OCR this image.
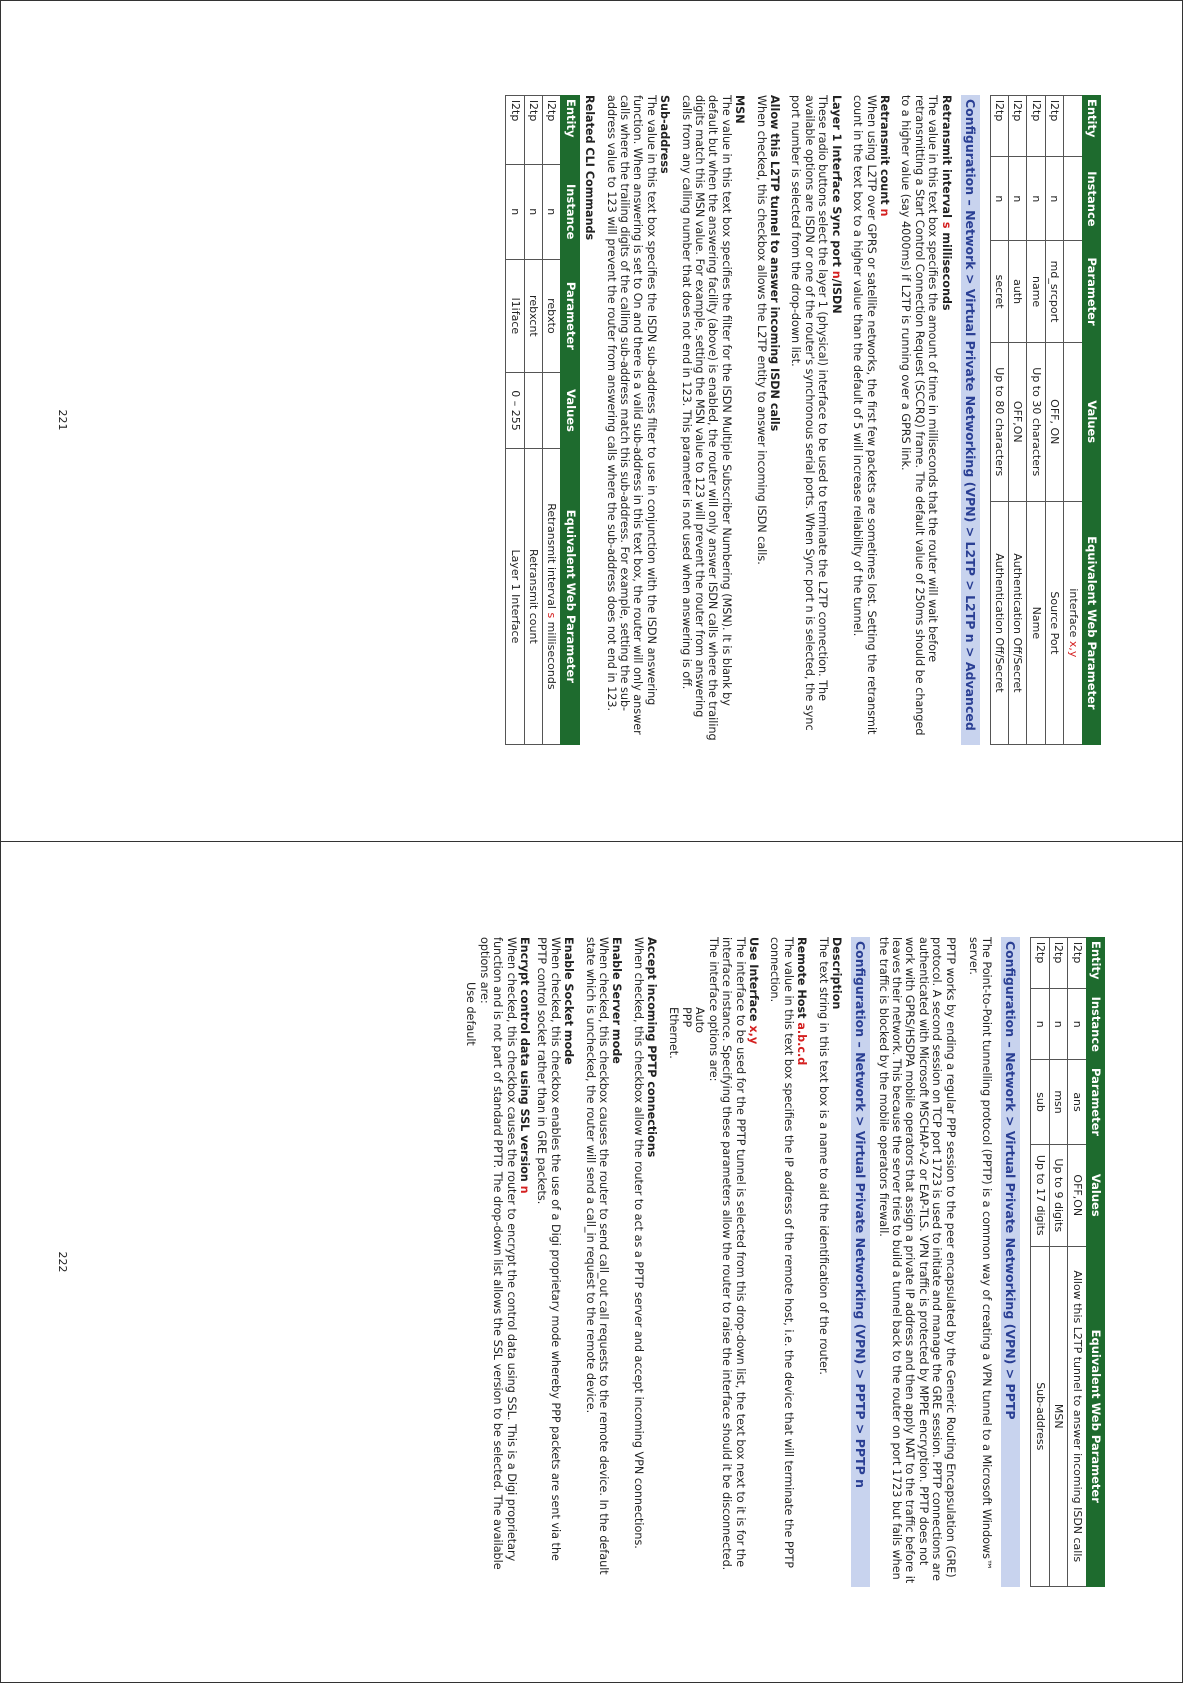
Entity	Instance	Parameter	Values	Equivalent Web Parameter
				interface x,y
l2tp	n	md_srcport	OFF, ON	Source Port
l2tp	n	name	Up to 30 characters	Name
l2tp	n	auth	OFF,ON	Authentication Off/Secret
l2tp	n	secret	Up to 80 characters	Authentication Off/Secret
Configuration – Network > Virtual Private Networking (VPN) > L2TP > L2TP n > Advanced
Retransmit interval s milliseconds

The value in this text box specifies the amount of time in milliseconds that the router will wait before retransmitting a Start Control Connection Request (SCCRQ) frame. The default value of 250ms should be changed to a higher value (say 4000ms) if L2TP is running over a GPRS link.

Retransmit count n

When using L2TP over GPRS or satellite networks, the first few packets are sometimes lost. Setting the retransmit count in the text box to a higher value than the default of 5 will increase reliability of the tunnel.

Layer 1 Interface Sync port n/ISDN

These radio buttons select the layer 1 (physical) interface to be used to terminate the L2TP connection. The available options are ISDN or one of the router's synchronous serial ports. When Sync port n is selected, the sync port number is selected from the drop-down list.

Allow this L2TP tunnel to answer incoming ISDN calls

When checked, this checkbox allows the L2TP entity to answer incoming ISDN calls.

MSN

The value in this text box specifies the filter for the ISDN Multiple Subscriber Numbering (MSN). It is blank by default but when the answering facility (above) is enabled, the router will only answer ISDN calls where the trailing digits match this MSN value. For example, setting the MSN value to 123 will prevent the router from answering calls from any calling number that does not end in 123. This parameter is not used when answering is off.

Sub-address

The value in this text box specifies the ISDN sub-address filter to use in conjunction with the ISDN answering function. When answering is set to On and there is a valid sub-address in this text box, the router will only answer calls where the trailing digits of the calling sub-address match this sub-address. For example, setting the sub-address value to 123 will prevent the router from answering calls where the sub-address does not end in 123.

Related CLI Commands
Entity	Instance	Parameter	Values	Equivalent Web Parameter
l2tp	n	rebxto		Retransmit interval s milliseconds
l2tp	n	rebxcnt		Retransmit count
l2tp	n	l1iface	0 – 255	Layer 1 Interface
221
Entity	Instance	Parameter	Values	Equivalent Web Parameter
l2tp	n	ans	OFF,ON	Allow this L2TP tunnel to answer incoming ISDN calls
l2tp	n	msn	Up to 9 digits	MSN
l2tp	n	sub	Up to 17 digits	Sub-address
Configuration – Network > Virtual Private Networking (VPN) > PPTP

The Point-to-Point tunnelling protocol (PPTP) is a common way of creating a VPN tunnel to a Microsoft Windows™ server.

PPTP works by ending a regular PPP session to the peer encapsulated by the Generic Routing Encapsulation (GRE) protocol. A second session on TCP port 1723 is used to initiate and manage the GRE session. PPTP connections are authenticated with Microsoft MSCHAP-v2 or EAP-TLS. VPN traffic is protected by MPPE encryption. PPTP does not work with GPRS/HSDPA mobile operators that assign a private IP address and then apply NAT to the traffic before it leaves their network. This because the server tries to build a tunnel back to the router on port 1723 but fails when the traffic is blocked by the mobile operators firewall.

Configuration – Network > Virtual Private Networking (VPN) > PPTP > PPTP n
Description

The text string in this text box is a name to aid the identification of the router.

Remote Host a.b.c.d

The value in this text box specifies the IP address of the remote host, i.e. the device that will terminate the PPTP connection.

Use Interface x,y

The interface to be used for the PPTP tunnel is selected from this drop-down list, the text box next to it is for the interface instance. Specifying these parameters allow the router to raise the interface should it be disconnected. The interface options are:

Auto

PPP

Ethernet.

Accept incoming PPTP connections

When checked, this checkbox allow the router to act as a PPTP server and accept incoming VPN connections.

Enable Server mode

When checked, this checkbox causes the router to send call_out call requests to the remote device. In the default state which is unchecked, the router will send a call_in request to the remote device.

Enable Socket mode

When checked, this checkbox enables the use of a Digi proprietary mode whereby PPP packets are sent via the PPTP control socket rather than in GRE packets.

Encrypt control data using SSL version n

When checked, this checkbox causes the router to encrypt the control data using SSL. This is a Digi proprietary function and is not part of standard PPTP. The drop-down list allows the SSL version to be selected. The available options are:

Use default

222
